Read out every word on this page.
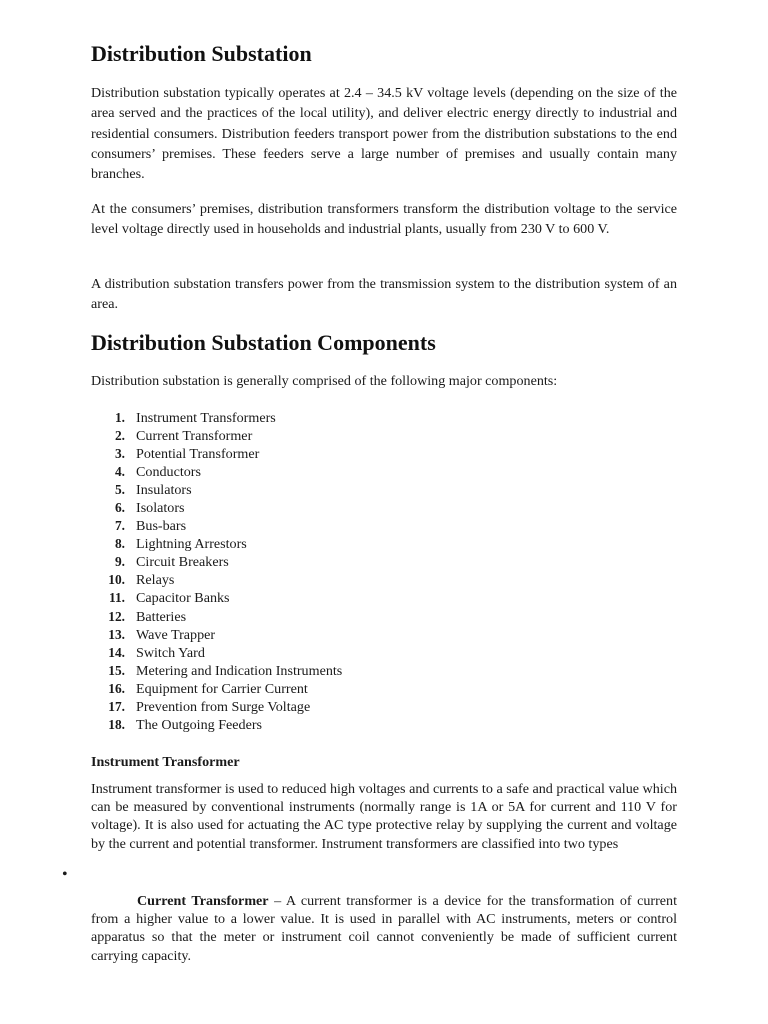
Distribution Substation

Distribution substation typically operates at 2.4 – 34.5 kV voltage levels (depending on the size of the area served and the practices of the local utility), and deliver electric energy directly to industrial and residential consumers. Distribution feeders transport power from the distribution substations to the end consumers’ premises. These feeders serve a large number of premises and usually contain many branches.

At the consumers’ premises, distribution transformers transform the distribution voltage to the service level voltage directly used in households and industrial plants, usually from 230 V to 600 V.

A distribution substation transfers power from the transmission system to the distribution system of an area.

Distribution Substation Components

Distribution substation is generally comprised of the following major components:

1. Instrument Transformers
2. Current Transformer
3. Potential Transformer
4. Conductors
5. Insulators
6. Isolators
7. Bus-bars
8. Lightning Arrestors
9. Circuit Breakers
10. Relays
11. Capacitor Banks
12. Batteries
13. Wave Trapper
14. Switch Yard
15. Metering and Indication Instruments
16. Equipment for Carrier Current
17. Prevention from Surge Voltage
18. The Outgoing Feeders
Instrument Transformer

Instrument transformer is used to reduced high voltages and currents to a safe and practical value which can be measured by conventional instruments (normally range is 1A or 5A for current and 110 V for voltage). It is also used for actuating the AC type protective relay by supplying the current and voltage by the current and potential transformer. Instrument transformers are classified into two types

•

Current Transformer – A current transformer is a device for the transformation of current from a higher value to a lower value. It is used in parallel with AC instruments, meters or control apparatus so that the meter or instrument coil cannot conveniently be made of sufficient current carrying capacity.
